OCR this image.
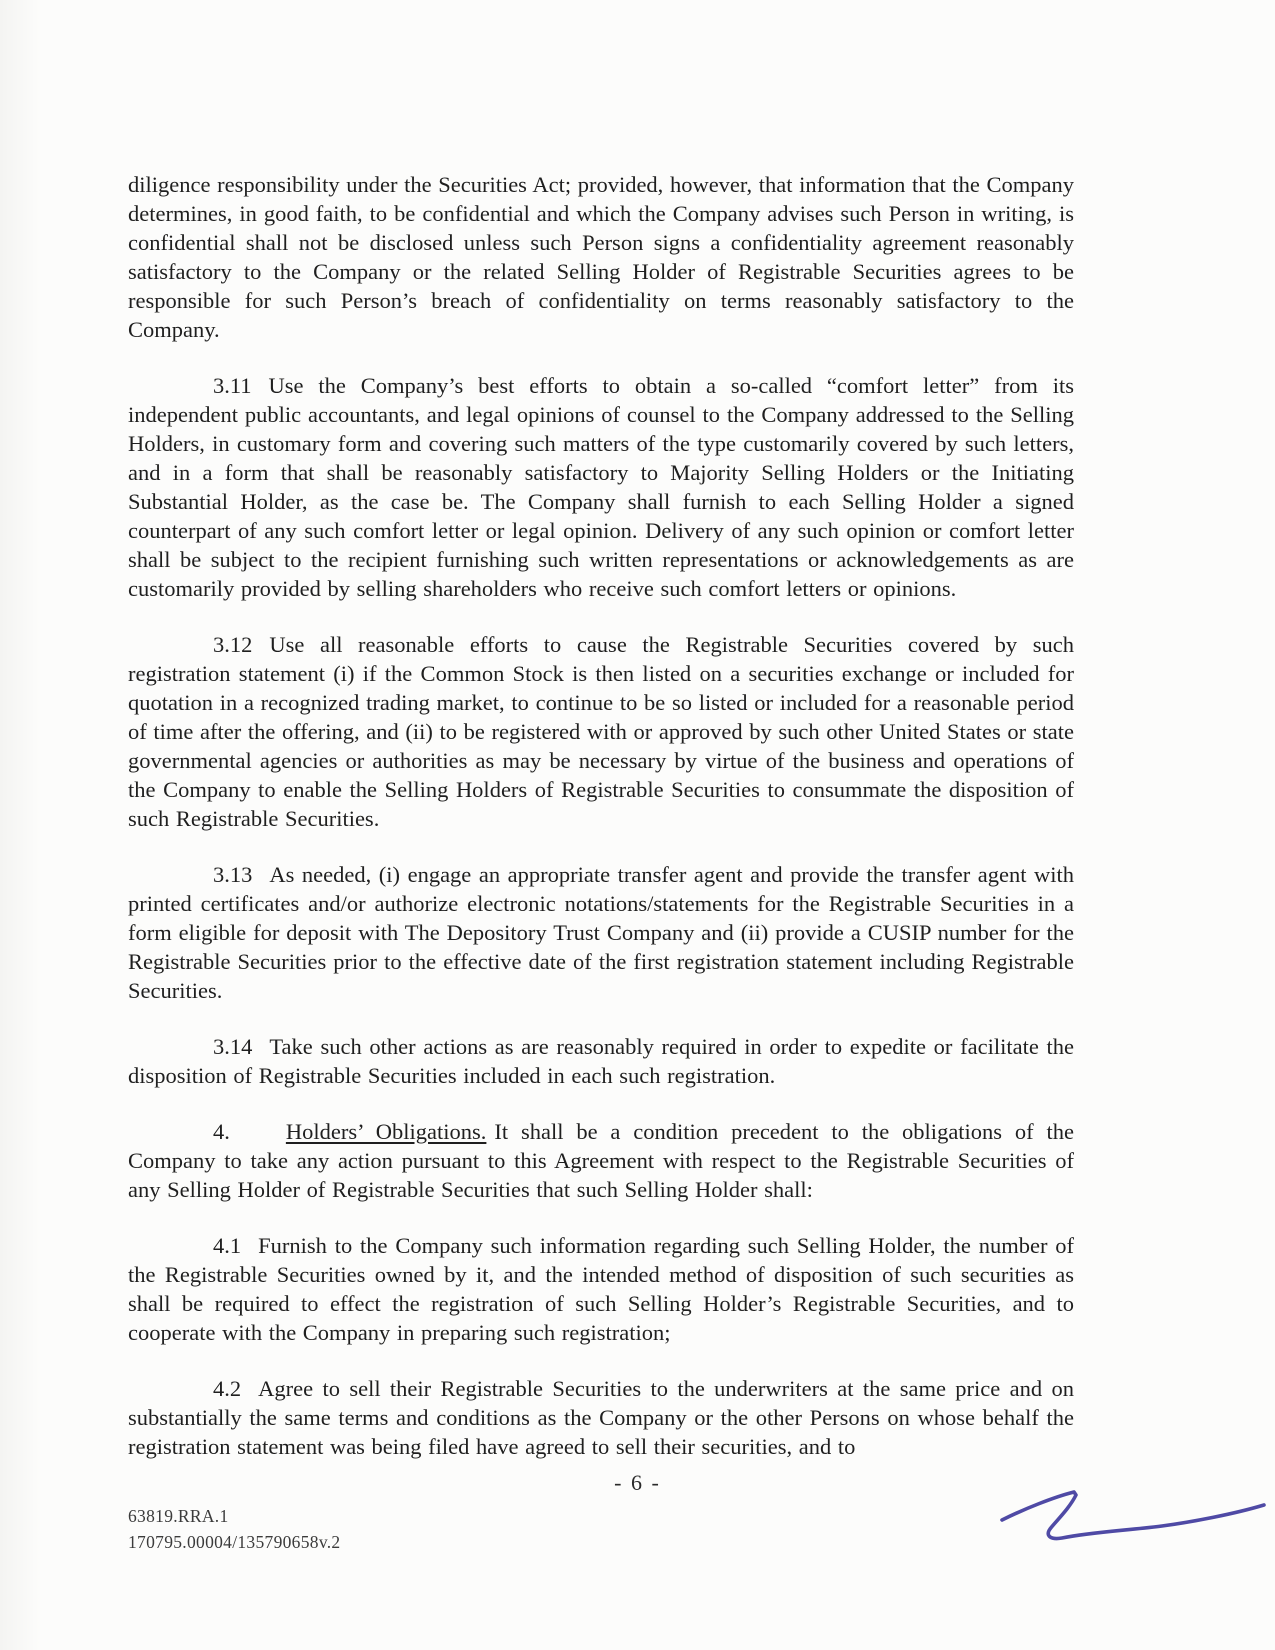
diligence responsibility under the Securities Act; provided, however, that information that the Company determines, in good faith, to be confidential and which the Company advises such Person in writing, is confidential shall not be disclosed unless such Person signs a confidentiality agreement reasonably satisfactory to the Company or the related Selling Holder of Registrable Securities agrees to be responsible for such Person’s breach of confidentiality on terms reasonably satisfactory to the Company.

3.11 Use the Company’s best efforts to obtain a so-called “comfort letter” from its independent public accountants, and legal opinions of counsel to the Company addressed to the Selling Holders, in customary form and covering such matters of the type customarily covered by such letters, and in a form that shall be reasonably satisfactory to Majority Selling Holders or the Initiating Substantial Holder, as the case be. The Company shall furnish to each Selling Holder a signed counterpart of any such comfort letter or legal opinion. Delivery of any such opinion or comfort letter shall be subject to the recipient furnishing such written representations or acknowledgements as are customarily provided by selling shareholders who receive such comfort letters or opinions.

3.12 Use all reasonable efforts to cause the Registrable Securities covered by such registration statement (i) if the Common Stock is then listed on a securities exchange or included for quotation in a recognized trading market, to continue to be so listed or included for a reasonable period of time after the offering, and (ii) to be registered with or approved by such other United States or state governmental agencies or authorities as may be necessary by virtue of the business and operations of the Company to enable the Selling Holders of Registrable Securities to consummate the disposition of such Registrable Securities.

3.13 As needed, (i) engage an appropriate transfer agent and provide the transfer agent with printed certificates and/or authorize electronic notations/statements for the Registrable Securities in a form eligible for deposit with The Depository Trust Company and (ii) provide a CUSIP number for the Registrable Securities prior to the effective date of the first registration statement including Registrable Securities.

3.14 Take such other actions as are reasonably required in order to expedite or facilitate the disposition of Registrable Securities included in each such registration.

4. Holders’ Obligations. It shall be a condition precedent to the obligations of the Company to take any action pursuant to this Agreement with respect to the Registrable Securities of any Selling Holder of Registrable Securities that such Selling Holder shall:

4.1 Furnish to the Company such information regarding such Selling Holder, the number of the Registrable Securities owned by it, and the intended method of disposition of such securities as shall be required to effect the registration of such Selling Holder’s Registrable Securities, and to cooperate with the Company in preparing such registration;

4.2 Agree to sell their Registrable Securities to the underwriters at the same price and on substantially the same terms and conditions as the Company or the other Persons on whose behalf the registration statement was being filed have agreed to sell their securities, and to

- 6 -
63819.RRA.1
170795.00004/135790658v.2
